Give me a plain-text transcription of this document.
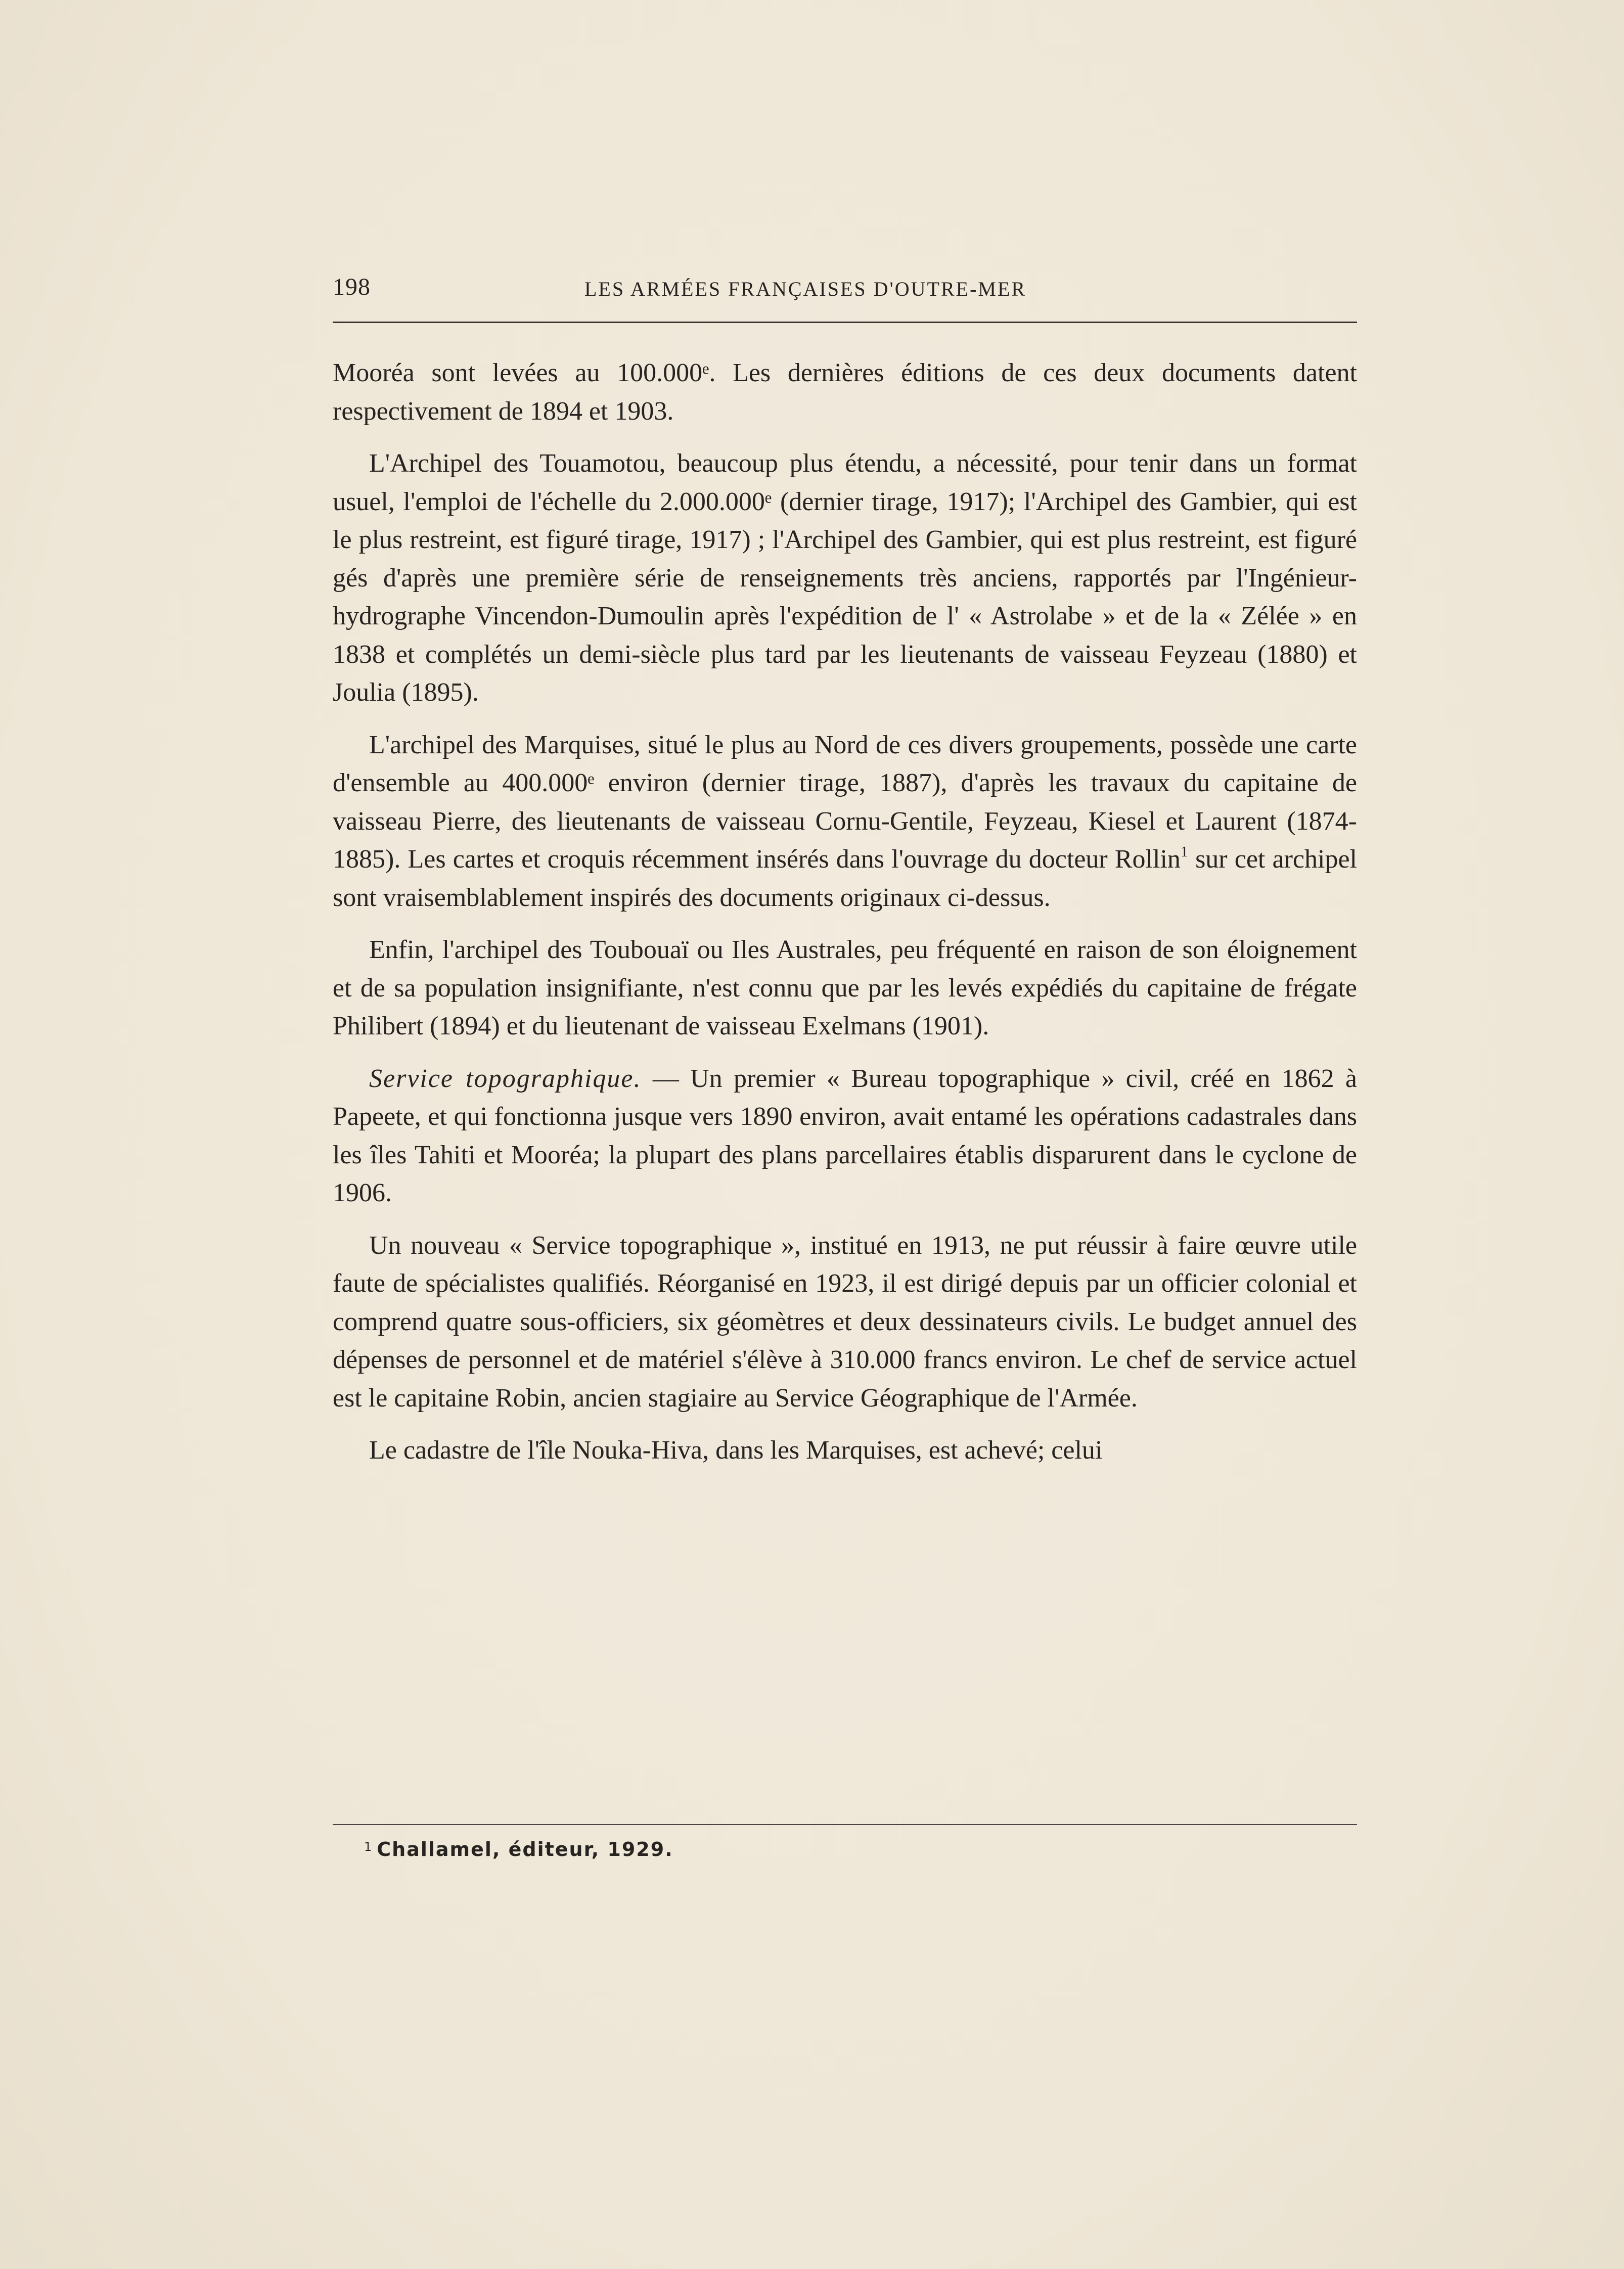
198	LES ARMÉES FRANÇAISES D'OUTRE-MER

Mooréa sont levées au 100.000ᵉ. Les dernières éditions de ces deux documents datent respectivement de 1894 et 1903.

L'Archipel des Touamotou, beaucoup plus étendu, a nécessité, pour tenir dans un format usuel, l'emploi de l'échelle du 2.000.000ᵉ (dernier tirage, 1917); l'Archipel des Gambier, qui est le plus restreint, est figuré tirage, 1917) ; l'Archipel des Gambier, qui est plus restreint, est figuré gés d'après une première série de renseignements très anciens, rapportés par l'Ingénieur-hydrographe Vincendon-Dumoulin après l'expédition de l' « Astrolabe » et de la « Zélée » en 1838 et complétés un demi-siècle plus tard par les lieutenants de vaisseau Feyzeau (1880) et Joulia (1895).

L'archipel des Marquises, situé le plus au Nord de ces divers groupements, possède une carte d'ensemble au 400.000ᵉ environ (dernier tirage, 1887), d'après les travaux du capitaine de vaisseau Pierre, des lieutenants de vaisseau Cornu-Gentile, Feyzeau, Kiesel et Laurent (1874-1885). Les cartes et croquis récemment insérés dans l'ouvrage du docteur Rollin$^1$ sur cet archipel sont vraisemblablement inspirés des documents originaux ci-dessus.

Enfin, l'archipel des Toubouaï ou Iles Australes, peu fréquenté en raison de son éloignement et de sa population insignifiante, n'est connu que par les levés expédiés du capitaine de frégate Philibert (1894) et du lieutenant de vaisseau Exelmans (1901).

Service topographique. — Un premier « Bureau topographique » civil, créé en 1862 à Papeete, et qui fonctionna jusque vers 1890 environ, avait entamé les opérations cadastrales dans les îles Tahiti et Mooréa; la plupart des plans parcellaires établis disparurent dans le cyclone de 1906.

Un nouveau « Service topographique », institué en 1913, ne put réussir à faire œuvre utile faute de spécialistes qualifiés. Réorganisé en 1923, il est dirigé depuis par un officier colonial et comprend quatre sous-officiers, six géomètres et deux dessinateurs civils. Le budget annuel des dépenses de personnel et de matériel s'élève à 310.000 francs environ. Le chef de service actuel est le capitaine Robin, ancien stagiaire au Service Géographique de l'Armée.

Le cadastre de l'île Nouka-Hiva, dans les Marquises, est achevé; celui

$^1$ Challamel, éditeur, 1929.
